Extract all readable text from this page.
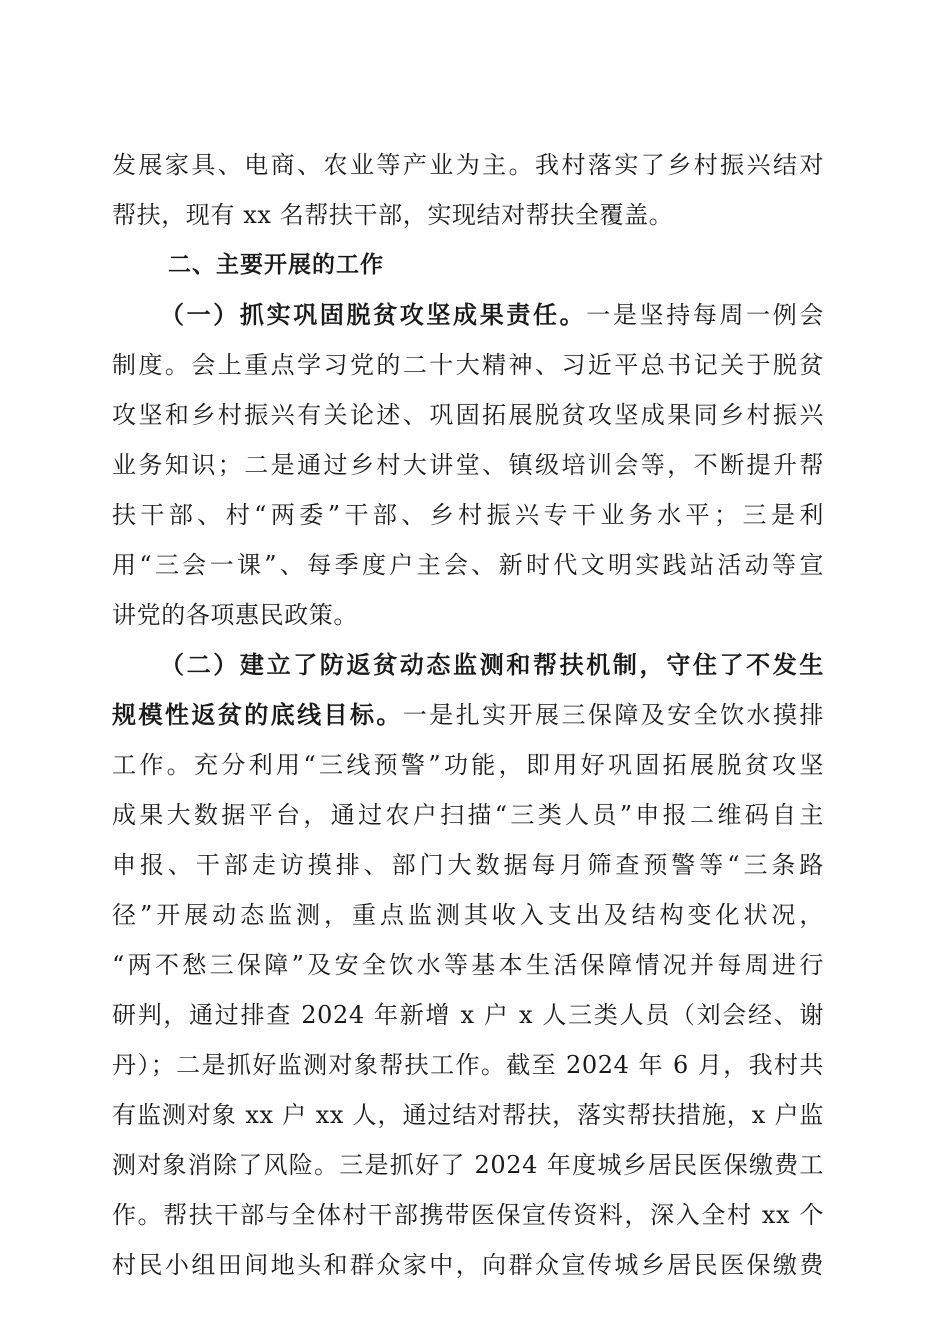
发展家具、电商、农业等产业为主。我村落实了乡村振兴结对
帮扶，现有 xx 名帮扶干部，实现结对帮扶全覆盖。
二、主要开展的工作
（一）抓实巩固脱贫攻坚成果责任。一是坚持每周一例会
制度。会上重点学习党的二十大精神、习近平总书记关于脱贫
攻坚和乡村振兴有关论述、巩固拓展脱贫攻坚成果同乡村振兴
业务知识；二是通过乡村大讲堂、镇级培训会等，不断提升帮
扶干部、村“两委”干部、乡村振兴专干业务水平；三是利
用“三会一课”、每季度户主会、新时代文明实践站活动等宣
讲党的各项惠民政策。
（二）建立了防返贫动态监测和帮扶机制，守住了不发生
规模性返贫的底线目标。一是扎实开展三保障及安全饮水摸排
工作。充分利用“三线预警”功能，即用好巩固拓展脱贫攻坚
成果大数据平台，通过农户扫描“三类人员”申报二维码自主
申报、干部走访摸排、部门大数据每月筛查预警等“三条路
径”开展动态监测，重点监测其收入支出及结构变化状况，
“两不愁三保障”及安全饮水等基本生活保障情况并每周进行
研判，通过排查 2024 年新增 x 户 x 人三类人员（刘会经、谢
丹）；二是抓好监测对象帮扶工作。截至 2024 年 6 月，我村共
有监测对象 xx 户 xx 人，通过结对帮扶，落实帮扶措施，x 户监
测对象消除了风险。三是抓好了 2024 年度城乡居民医保缴费工
作。帮扶干部与全体村干部携带医保宣传资料，深入全村 xx 个
村民小组田间地头和群众家中，向群众宣传城乡居民医保缴费
